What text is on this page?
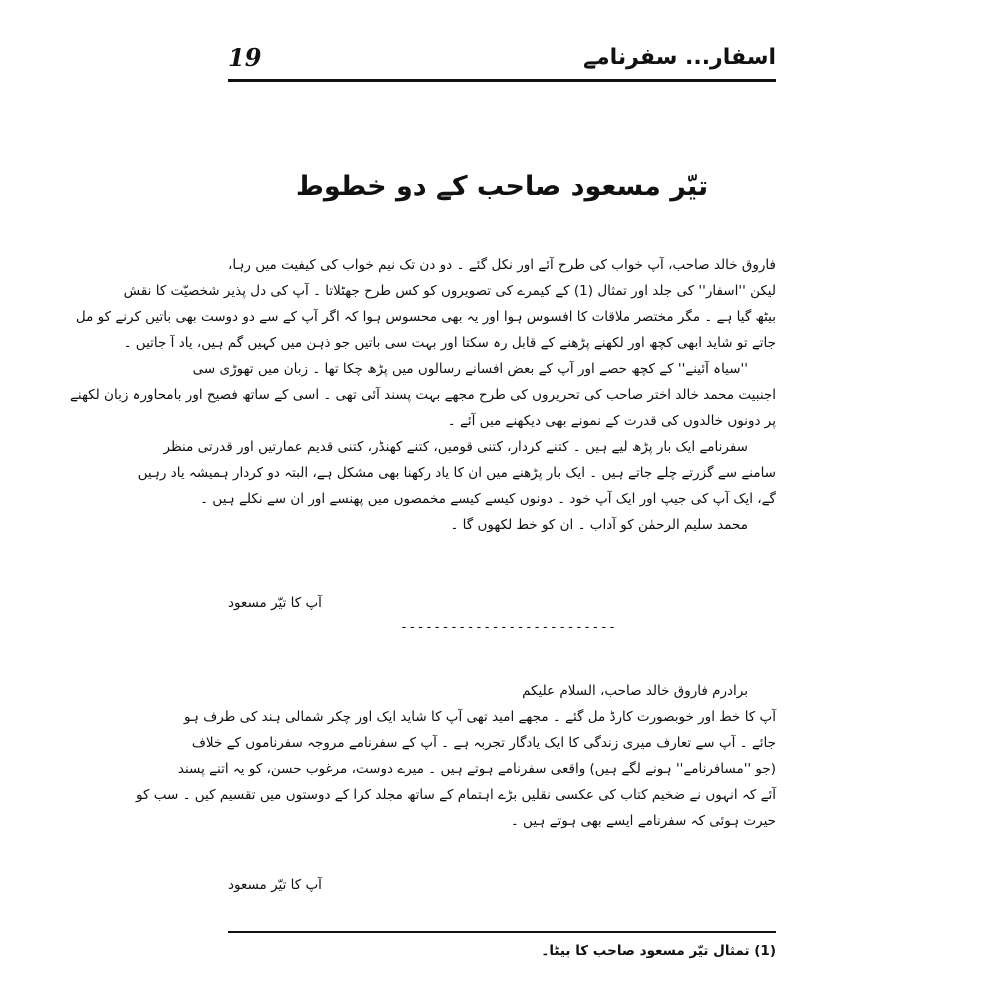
19	اسفار... سفرنامے
تیّر مسعود صاحب کے دو خطوط
فاروق خالد صاحب، آپ خواب کی طرح آئے اور نکل گئے ۔ دو دن تک نیم خواب کی کیفیت میں رہا،
لیکن ''اسفار'' کی جلد اور تمثال (1) کے کیمرے کی تصویروں کو کس طرح جھٹلاتا ۔ آپ کی دل پذیر شخصیّت کا نقش
بیٹھ گیا ہے ۔ مگر مختصر ملاقات کا افسوس ہوا اور یہ بھی محسوس ہوا کہ اگر آپ کے سے دو دوست بھی باتیں کرنے کو مل
جاتے تو شاید ابھی کچھ اور لکھنے پڑھنے کے قابل رہ سکتا اور بہت سی باتیں جو ذہن میں کہیں گم ہیں، یاد آ جاتیں ۔
''سیاہ آئینے'' کے کچھ حصے اور آپ کے بعض افسانے رسالوں میں پڑھ چکا تھا ۔ زبان میں تھوڑی سی
اجنبیت محمد خالد اختر صاحب کی تحریروں کی طرح مجھے بہت پسند آئی تھی ۔ اسی کے ساتھ فصیح اور بامحاورہ زبان لکھنے
پر دونوں خالدوں کی قدرت کے نمونے بھی دیکھنے میں آئے ۔
سفرنامے ایک بار پڑھ لیے ہیں ۔ کتنے کردار، کتنی قومیں، کتنے کھنڈر، کتنی قدیم عمارتیں اور قدرتی منظر
سامنے سے گزرتے چلے جاتے ہیں ۔ ایک بار پڑھنے میں ان کا یاد رکھنا بھی مشکل ہے، البتہ دو کردار ہمیشہ یاد رہیں
گے، ایک آپ کی جیپ اور ایک آپ خود ۔ دونوں کیسے کیسے مخمصوں میں پھنسے اور ان سے نکلے ہیں ۔
محمد سلیم الرحمٰن کو آداب ۔ ان کو خط لکھوں گا ۔
آپ کا تیّر مسعود
--------------------------
برادرم فاروق خالد صاحب، السلام علیکم
آپ کا خط اور خوبصورت کارڈ مل گئے ۔ مجھے امید تھی آپ کا شاید ایک اور چکر شمالی ہند کی طرف ہو
جائے ۔ آپ سے تعارف میری زندگی کا ایک یادگار تجربہ ہے ۔ آپ کے سفرنامے مروجہ سفرناموں کے خلاف
(جو ''مسافرنامے'' ہونے لگے ہیں) واقعی سفرنامے ہوتے ہیں ۔ میرے دوست، مرغوب حسن، کو یہ اتنے پسند
آئے کہ انہوں نے ضخیم کتاب کی عکسی نقلیں بڑے اہتمام کے ساتھ مجلد کرا کے دوستوں میں تقسیم کیں ۔ سب کو
حیرت ہوئی کہ سفرنامے ایسے بھی ہوتے ہیں ۔
آپ کا تیّر مسعود
(1) تمثال تیّر مسعود صاحب کا بیٹا۔
